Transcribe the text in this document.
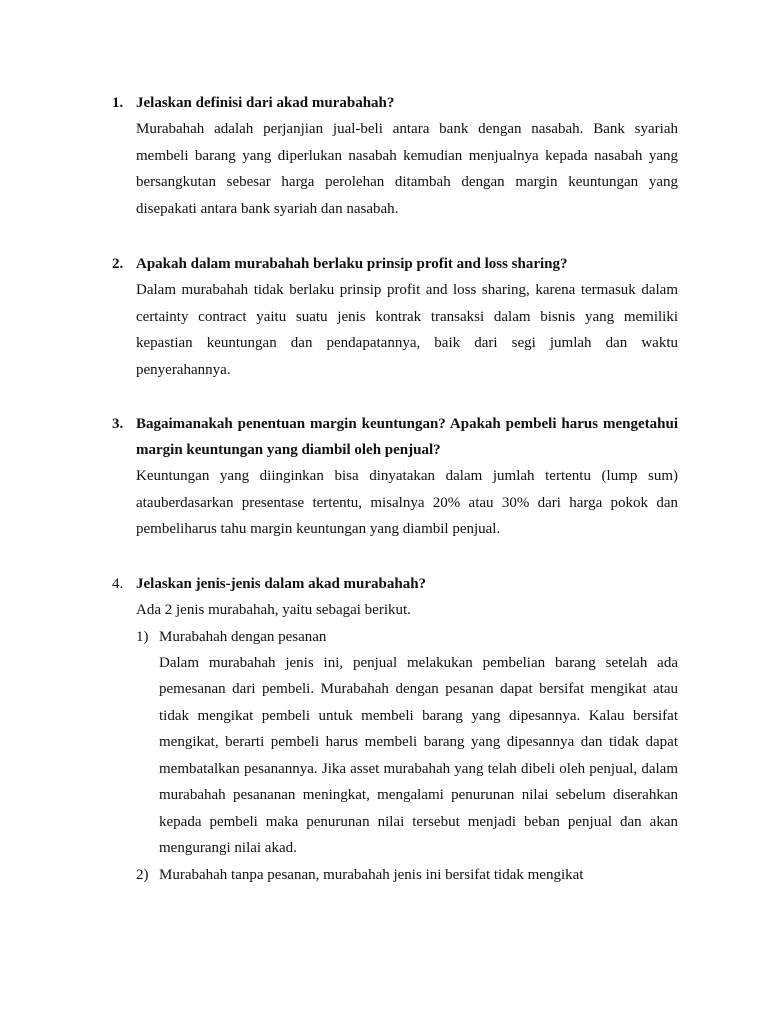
1. Jelaskan definisi dari akad murabahah?
Murabahah adalah perjanjian jual-beli antara bank dengan nasabah. Bank syariah membeli barang yang diperlukan nasabah kemudian menjualnya kepada nasabah yang bersangkutan sebesar harga perolehan ditambah dengan margin keuntungan yang disepakati antara bank syariah dan nasabah.
2. Apakah dalam murabahah berlaku prinsip profit and loss sharing?
Dalam murabahah tidak berlaku prinsip profit and loss sharing, karena termasuk dalam certainty contract yaitu suatu jenis kontrak transaksi dalam bisnis yang memiliki kepastian keuntungan dan pendapatannya, baik dari segi jumlah dan waktu penyerahannya.
3. Bagaimanakah penentuan margin keuntungan? Apakah pembeli harus mengetahui margin keuntungan yang diambil oleh penjual?
Keuntungan yang diinginkan bisa dinyatakan dalam jumlah tertentu (lump sum) atauberdasarkan presentase tertentu, misalnya 20% atau 30% dari harga pokok dan pembeliharus tahu margin keuntungan yang diambil penjual.
4. Jelaskan jenis-jenis dalam akad murabahah?
Ada 2 jenis murabahah, yaitu sebagai berikut.
1) Murabahah dengan pesanan
Dalam murabahah jenis ini, penjual melakukan pembelian barang setelah ada pemesanan dari pembeli. Murabahah dengan pesanan dapat bersifat mengikat atau tidak mengikat pembeli untuk membeli barang yang dipesannya. Kalau bersifat mengikat, berarti pembeli harus membeli barang yang dipesannya dan tidak dapat membatalkan pesanannya. Jika asset murabahah yang telah dibeli oleh penjual, dalam murabahah pesananan meningkat, mengalami penurunan nilai sebelum diserahkan kepada pembeli maka penurunan nilai tersebut menjadi beban penjual dan akan mengurangi nilai akad.
2) Murabahah tanpa pesanan, murabahah jenis ini bersifat tidak mengikat
